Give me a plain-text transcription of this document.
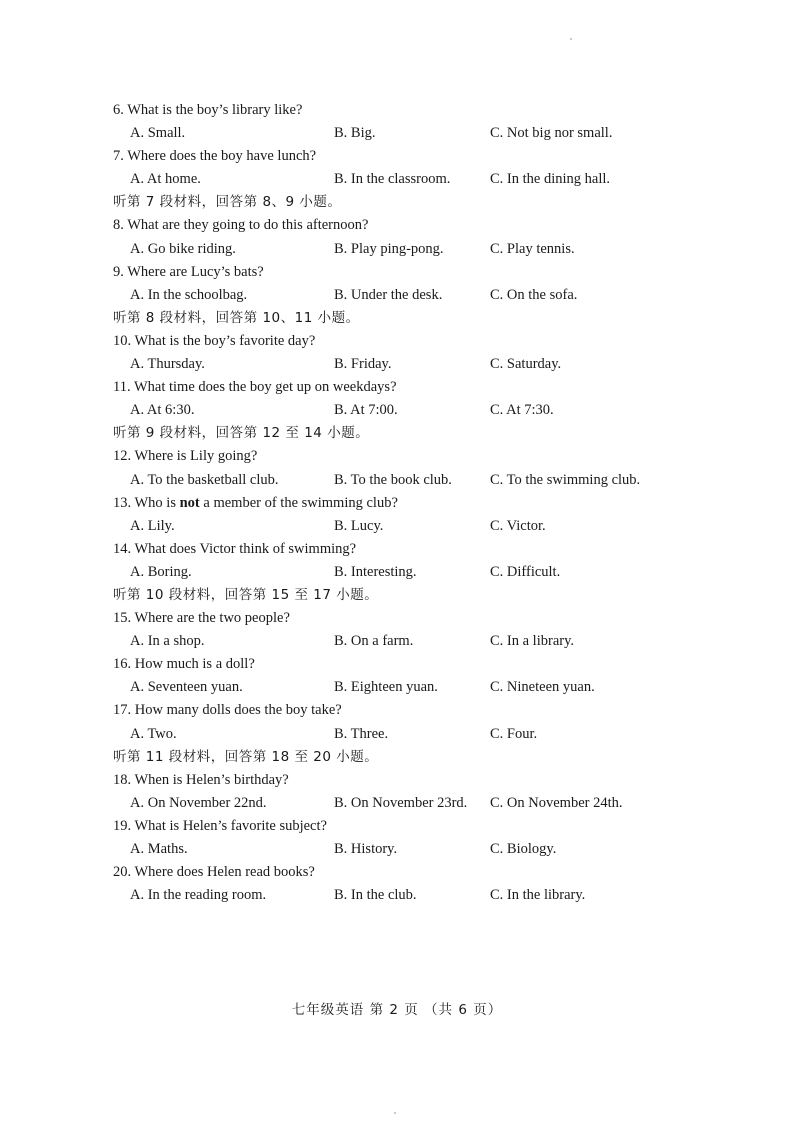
6. What is the boy’s library like?
A. Small.	B. Big.	C. Not big nor small.
7. Where does the boy have lunch?
A. At home.	B. In the classroom.	C. In the dining hall.
听第 7 段材料，回答第 8、9 小题。
8. What are they going to do this afternoon?
A. Go bike riding.	B. Play ping-pong.	C. Play tennis.
9. Where are Lucy’s bats?
A. In the schoolbag.	B. Under the desk.	C. On the sofa.
听第 8 段材料，回答第 10、11 小题。
10. What is the boy’s favorite day?
A. Thursday.	B. Friday.	C. Saturday.
11. What time does the boy get up on weekdays?
A. At 6:30.	B. At 7:00.	C. At 7:30.
听第 9 段材料，回答第 12 至 14 小题。
12. Where is Lily going?
A. To the basketball club.	B. To the book club.	C. To the swimming club.
13. Who is not a member of the swimming club?
A. Lily.	B. Lucy.	C. Victor.
14. What does Victor think of swimming?
A. Boring.	B. Interesting.	C. Difficult.
听第 10 段材料，回答第 15 至 17 小题。
15. Where are the two people?
A. In a shop.	B. On a farm.	C. In a library.
16. How much is a doll?
A. Seventeen yuan.	B. Eighteen yuan.	C. Nineteen yuan.
17. How many dolls does the boy take?
A. Two.	B. Three.	C. Four.
听第 11 段材料，回答第 18 至 20 小题。
18. When is Helen’s birthday?
A. On November 22nd.	B. On November 23rd. C. On November 24th.
19. What is Helen’s favorite subject?
A. Maths.	B. History.	C. Biology.
20. Where does Helen read books?
A. In the reading room.	B. In the club.	C. In the library.
七年级英语 第 2 页 （共 6 页）
